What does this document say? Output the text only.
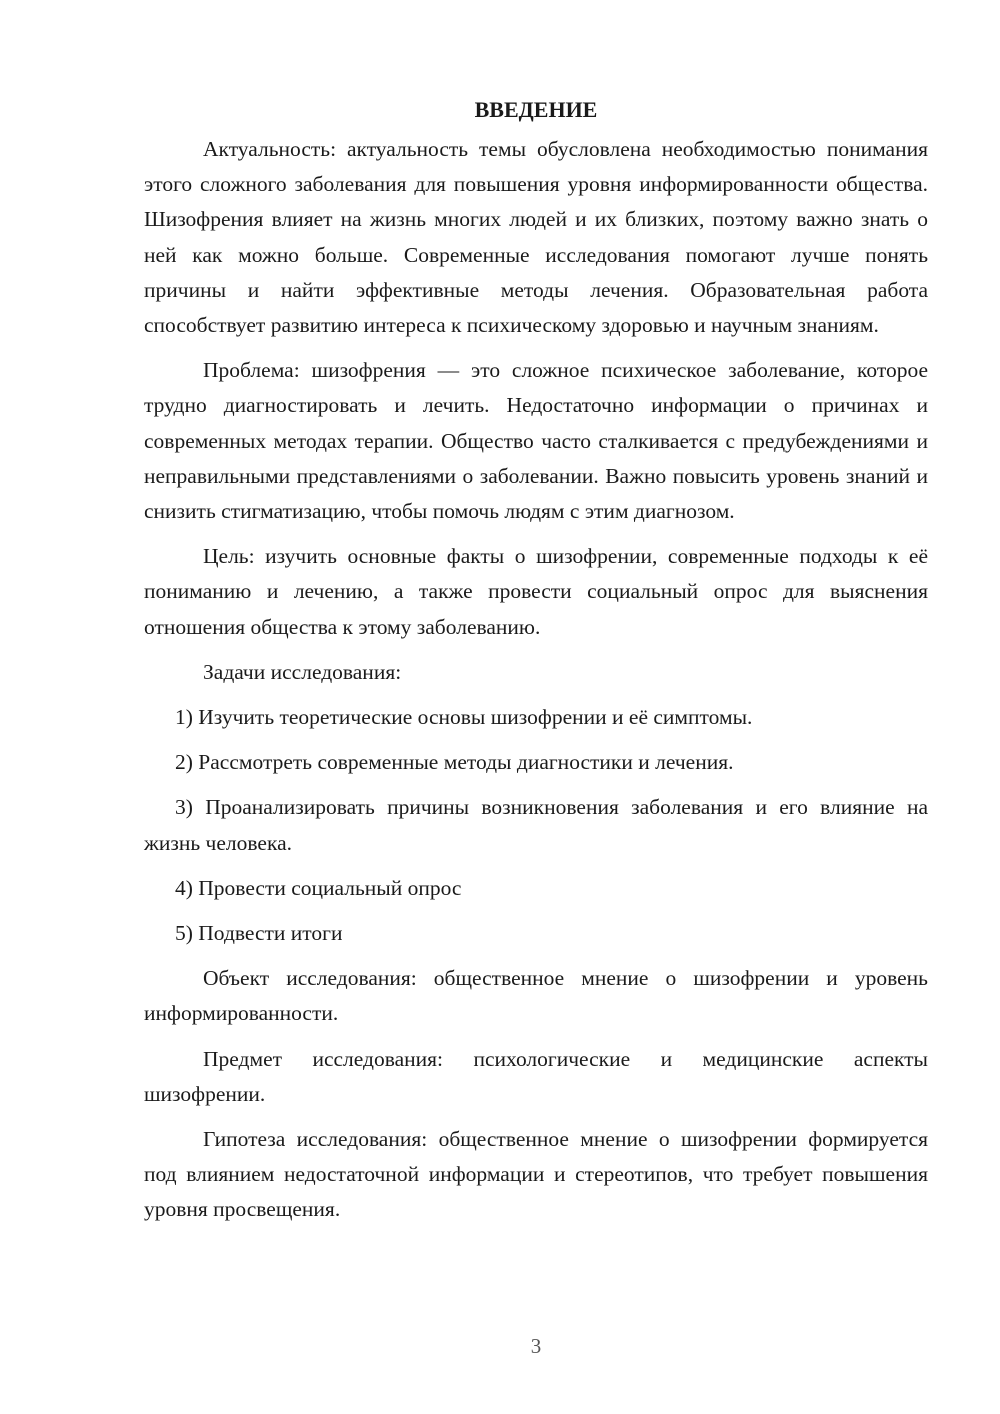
ВВЕДЕНИЕ

Актуальность: актуальность темы обусловлена необходимостью понимания этого сложного заболевания для повышения уровня информированности общества. Шизофрения влияет на жизнь многих людей и их близких, поэтому важно знать о ней как можно больше. Современные исследования помогают лучше понять причины и найти эффективные методы лечения. Образовательная работа способствует развитию интереса к психическому здоровью и научным знаниям.

Проблема: шизофрения — это сложное психическое заболевание, которое трудно диагностировать и лечить. Недостаточно информации о причинах и современных методах терапии. Общество часто сталкивается с предубеждениями и неправильными представлениями о заболевании. Важно повысить уровень знаний и снизить стигматизацию, чтобы помочь людям с этим диагнозом.

Цель: изучить основные факты о шизофрении, современные подходы к её пониманию и лечению, а также провести социальный опрос для выяснения отношения общества к этому заболеванию.

Задачи исследования:

1) Изучить теоретические основы шизофрении и её симптомы.

2) Рассмотреть современные методы диагностики и лечения.

3) Проанализировать причины возникновения заболевания и его влияние на жизнь человека.

4) Провести социальный опрос

5) Подвести итоги

Объект исследования: общественное мнение о шизофрении и уровень информированности.

Предмет исследования: психологические и медицинские аспекты шизофрении.

Гипотеза исследования: общественное мнение о шизофрении формируется под влиянием недостаточной информации и стереотипов, что требует повышения уровня просвещения.

3
